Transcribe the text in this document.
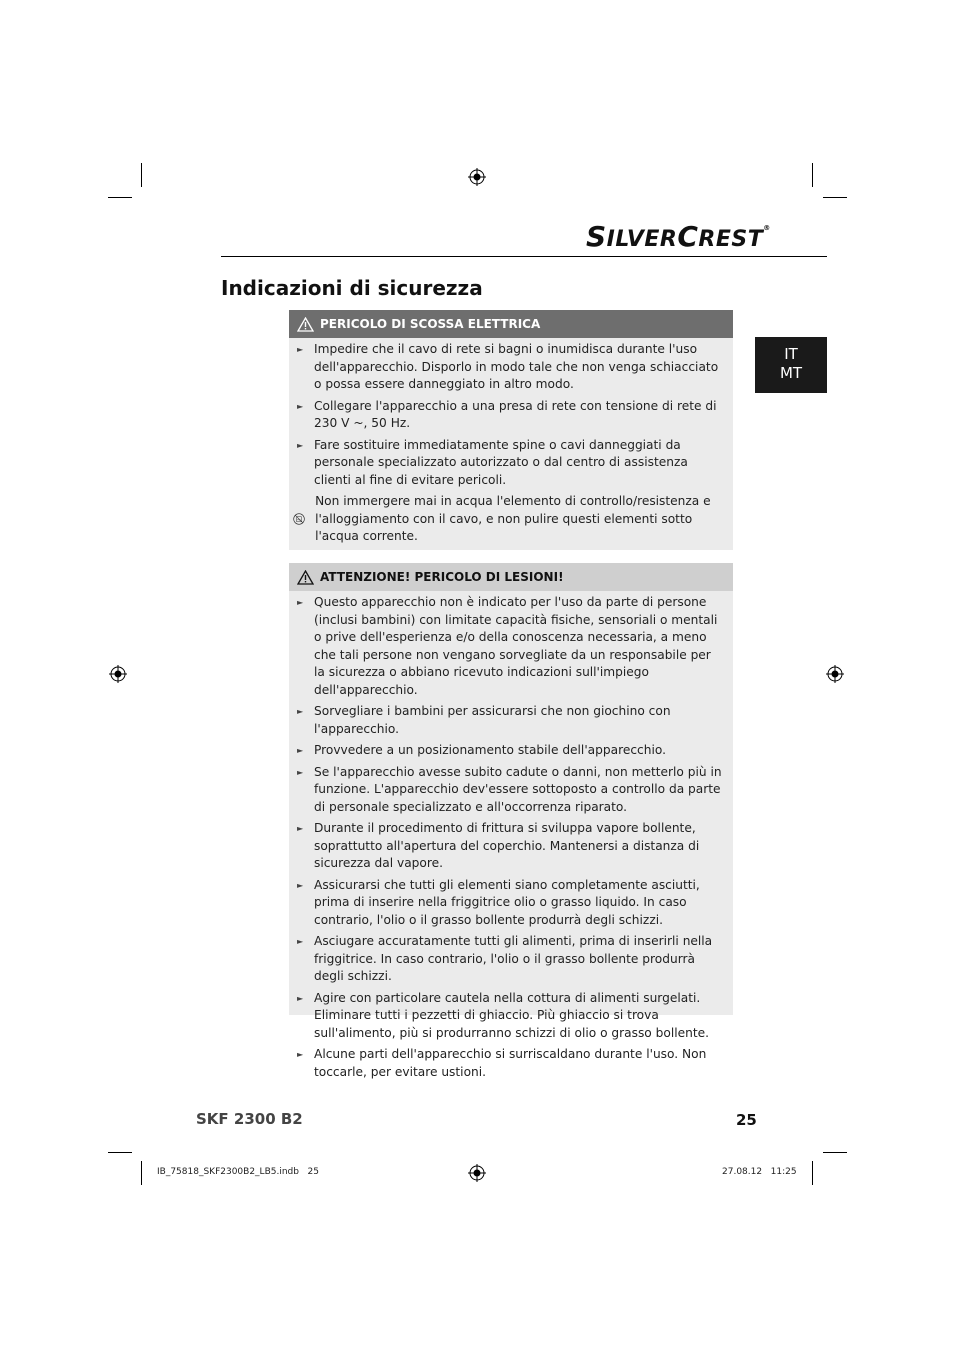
SILVERCREST®
Indicazioni di sicurezza
IT
MT
PERICOLO DI SCOSSA ELETTRICA
► Impedire che il cavo di rete si bagni o inumidisca durante l'uso dell'apparecchio. Disporlo in modo tale che non venga schiacciato o possa essere danneggiato in altro modo.
► Collegare l'apparecchio a una presa di rete con tensione di rete di 230 V ~, 50 Hz.
► Fare sostituire immediatamente spine o cavi danneggiati da personale specializzato autorizzato o dal centro di assistenza clienti al fine di evitare pericoli.
Non immergere mai in acqua l'elemento di controllo/resistenza e l'alloggiamento con il cavo, e non pulire questi elementi sotto l'acqua corrente.
ATTENZIONE! PERICOLO DI LESIONI!
► Questo apparecchio non è indicato per l'uso da parte di persone (inclusi bambini) con limitate capacità fisiche, sensoriali o mentali o prive dell'esperienza e/o della conoscenza necessaria, a meno che tali persone non vengano sorvegliate da un responsabile per la sicurezza o abbiano ricevuto indicazioni sull'impiego dell'apparecchio.
► Sorvegliare i bambini per assicurarsi che non giochino con l'apparecchio.
► Provvedere a un posizionamento stabile dell'apparecchio.
► Se l'apparecchio avesse subito cadute o danni, non metterlo più in funzione. L'apparecchio dev'essere sottoposto a controllo da parte di personale specializzato e all'occorrenza riparato.
► Durante il procedimento di frittura si sviluppa vapore bollente, soprattutto all'apertura del coperchio. Mantenersi a distanza di sicurezza dal vapore.
► Assicurarsi che tutti gli elementi siano completamente asciutti, prima di inserire nella friggitrice olio o grasso liquido. In caso contrario, l'olio o il grasso bollente produrrà degli schizzi.
► Asciugare accuratamente tutti gli alimenti, prima di inserirli nella friggitrice. In caso contrario, l'olio o il grasso bollente produrrà degli schizzi.
► Agire con particolare cautela nella cottura di alimenti surgelati. Eliminare tutti i pezzetti di ghiaccio. Più ghiaccio si trova sull'alimento, più si produrranno schizzi di olio o grasso bollente.
► Alcune parti dell'apparecchio si surriscaldano durante l'uso. Non toccarle, per evitare ustioni.
SKF 2300 B2	25
IB_75818_SKF2300B2_LB5.indb   25	27.08.12   11:25
